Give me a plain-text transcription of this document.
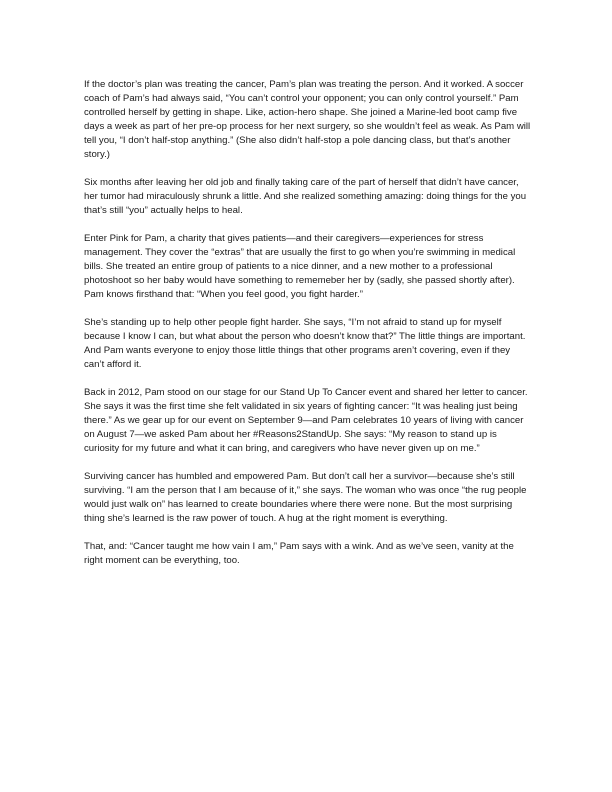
If the doctor’s plan was treating the cancer, Pam’s plan was treating the person. And it worked. A soccer coach of Pam’s had always said, “You can’t control your opponent; you can only control yourself.” Pam controlled herself by getting in shape. Like, action-hero shape. She joined a Marine-led boot camp five days a week as part of her pre-op process for her next surgery, so she wouldn’t feel as weak. As Pam will tell you, “I don’t half-stop anything.” (She also didn’t half-stop a pole dancing class, but that’s another story.)

Six months after leaving her old job and finally taking care of the part of herself that didn’t have cancer, her tumor had miraculously shrunk a little. And she realized something amazing: doing things for the you that’s still “you” actually helps to heal.

Enter Pink for Pam, a charity that gives patients—and their caregivers—experiences for stress management. They cover the “extras” that are usually the first to go when you’re swimming in medical bills. She treated an entire group of patients to a nice dinner, and a new mother to a professional photoshoot so her baby would have something to rememeber her by (sadly, she passed shortly after). Pam knows firsthand that: “When you feel good, you fight harder.”

She’s standing up to help other people fight harder. She says, “I’m not afraid to stand up for myself because I know I can, but what about the person who doesn’t know that?” The little things are important. And Pam wants everyone to enjoy those little things that other programs aren’t covering, even if they can’t afford it.

Back in 2012, Pam stood on our stage for our Stand Up To Cancer event and shared her letter to cancer. She says it was the first time she felt validated in six years of fighting cancer: “It was healing just being there.” As we gear up for our event on September 9—and Pam celebrates 10 years of living with cancer on August 7—we asked Pam about her #Reasons2StandUp. She says: “My reason to stand up is curiosity for my future and what it can bring, and caregivers who have never given up on me.”

Surviving cancer has humbled and empowered Pam. But don’t call her a survivor—because she’s still surviving. “I am the person that I am because of it,” she says. The woman who was once “the rug people would just walk on” has learned to create boundaries where there were none. But the most surprising thing she’s learned is the raw power of touch. A hug at the right moment is everything.

That, and: “Cancer taught me how vain I am,” Pam says with a wink. And as we’ve seen, vanity at the right moment can be everything, too.
